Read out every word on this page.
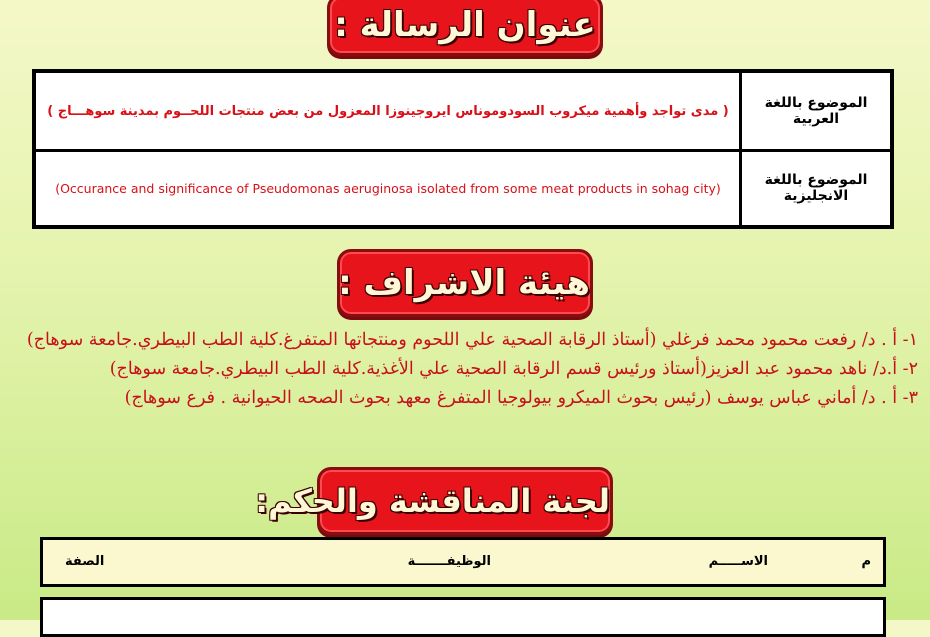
عنوان الرسالة :
الموضوع باللغة العربية
( مدى تواجد وأهمية ميكروب السودوموناس ايروجينوزا المعزول من بعض منتجات اللحــوم بمدينة سوهـــاج )
الموضوع باللغة الانجليزية
(Occurance and significance of Pseudomonas aeruginosa isolated from some meat products in sohag city)
هيئة الاشراف :
١- أ . د/ رفعت محمود محمد فرغلي (أستاذ الرقابة الصحية علي اللحوم ومنتجاتها المتفرغ.كلية الطب البيطري.جامعة سوهاج)
٢- أ.د/ ناهد محمود عبد العزيز(أستاذ ورئيس قسم الرقابة الصحية علي الأغذية.كلية الطب البيطري.جامعة سوهاج)
٣- أ . د/ أماني عباس يوسف (رئيس بحوث الميكرو بيولوجيا المتفرغ معهد بحوث الصحه الحيوانية . فرع سوهاج)
لجنة المناقشة والحكم:
م
الاســـــم
الوظيفـــــــة
الصفة
